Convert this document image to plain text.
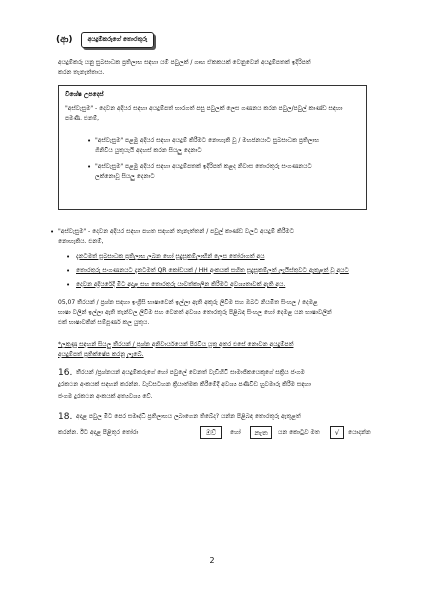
(ආ)	අයදුම්කරුගේ තොරතුරු
අයදුම්කරු යනු සුබසාධක ප්‍රතිලාභ සඳහා යම් පවුලක් / ගෘහ ඒකකයක් වෙනුවෙන් අයදුම්පතක් ඉදිරිපත්
කරන තැනැත්තාය.
විශේෂ උපදෙස්
"අස්වැසුම" - දෙවන අදියර සඳහා අයදුම්පත් භාරගත් පසු පවුලක් ලෙස ගණනය කරන පවුල/පවුල් කාණ්ඩ සඳහා
පමණි. එනම්,
• "අස්වැසුම" පළමු අදියර සඳහා අයදුම් කිරීමට නොහැකි වූ / මහජනයාට සුබසාධක ප්‍රතිලාභ
ගිනිවීය යුතුයැයි අදහස් කරන සියලු දෙනාට
• "අස්වැසුම" පළමු අදියර සඳහා අයදුම්පතක් ඉදිරිපත් කළද නිවාස තොරතුරු සංගණනයට
ලක්නොවූ සියලු දෙනාට
• "අස්වැසුම" - දෙවන අදියර සඳහා පහත සඳහන් තැනැත්තන් / පවුල් කාණ්ඩ වලට අයදුම් කිරීමට
නොහැකිය. එනම්,
• දැනටමත් සුබසාධක ප්‍රතිලාභ ලබන හෝ සුදුසුකම්ලාභීන් ලෙස තෝරාගත් අය
• තොරතුරු සංගණනයට දැනටමත් QR කෝඩයක් / HH අංකයක් සහිත සුදුසුකම්ලත් ලැයිස්තුවට ඇතුළත් වූ අයට
• දෙවන අදියරේදී මීට අදාළ සහ තොරතුරු යාවත්කාලීන කිරීමට අවශ්‍යතාවක් ඇති අය.
05,07 තීරයන් / ප්‍රශ්න සඳහා ඉංග්‍රීසි භාෂාවෙන් ඉල්ලා ඇති අකුරු ලිවීම සහ ඔබට නියමිත සිංහල / දෙමළ
භාෂා වලින් ඉල්ලා ඇති තැන්වල ලිවීම සහ වෙනත් අවශ්‍ය තොරතුරු පිළිබඳ සිංහල හෝ දෙමළ යන භාෂාවලින්
එක් භාෂාවකින් සම්පූර්ණ කල යුතුය.
*ලකුණු සඳහන් සියලු තීරයන් / ප්‍රශ්න අනිවාර්යයෙන් පිරවිය යුතු අතර එසේ නොවන අයදුම්පත්
අයදුම්පත් ප්‍රතික්ෂේප කරනු ලැබේ.
16. තීරයන් /ප්‍රශ්නයන් අයදුම්කරුගේ හෝ පවුලේ වෙනත් වැඩිහිටි සාමාජිකයෙකුගේ සක්‍රිය ජංගම
දුරකථන අංකයක් සඳහන් කරන්න. වැඩසටහන ක්‍රියාත්මක කිරීමේදී අවශ්‍ය පණිවිඩ හුවමාරු කිරීම සඳහා
ජංගම දුරකථන අංකයක් අත්‍යවශ්‍ය වේ.
18. අදාළ පවුල මීට පෙර සමෘද්ධි ප්‍රතිලාභය ලබාගෙන තිබේද? යන්න පිළිබඳ තොරතුරු ඇතුළත්
කරන්න. ඊට අදාළ පිළිතුර තෝරා	ඔව්	හෝ	නැත	යන කොටුව මත	√	යොදන්න
2
